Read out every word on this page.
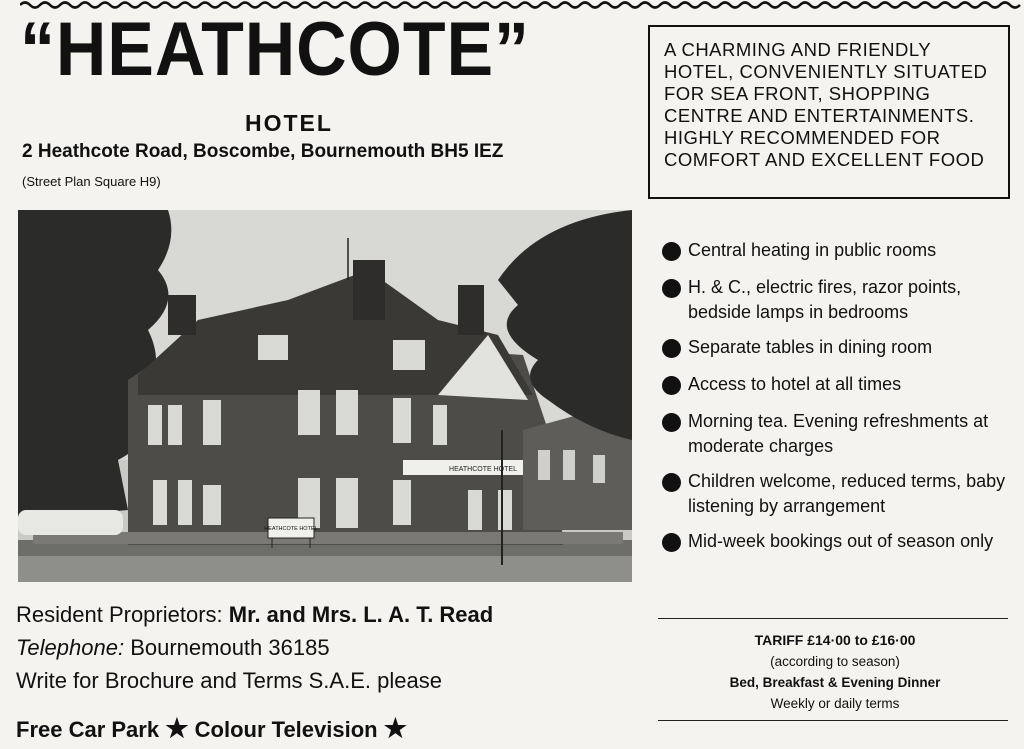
“HEATHCOTE”
HOTEL
2 Heathcote Road, Boscombe, Bournemouth BH5 IEZ
(Street Plan Square H9)
A CHARMING AND FRIENDLY HOTEL, CONVENIENTLY SITUATED FOR SEA FRONT, SHOPPING CENTRE AND ENTERTAINMENTS. HIGHLY RECOMMENDED FOR COMFORT AND EXCELLENT FOOD
HEATHCOTE HOTEL
HEATHCOTE HOTEL
Central heating in public rooms
H. & C., electric fires, razor points, bedside lamps in bedrooms
Separate tables in dining room
Access to hotel at all times
Morning tea. Evening refreshments at moderate charges
Children welcome, reduced terms, baby listening by arrangement
Mid-week bookings out of season only
TARIFF £14·00 to £16·00
(according to season)
Bed, Breakfast & Evening Dinner
Weekly or daily terms
Resident Proprietors: Mr. and Mrs. L. A. T. Read
Telephone: Bournemouth 36185
Write for Brochure and Terms S.A.E. please
Free Car Park ★ Colour Television ★
